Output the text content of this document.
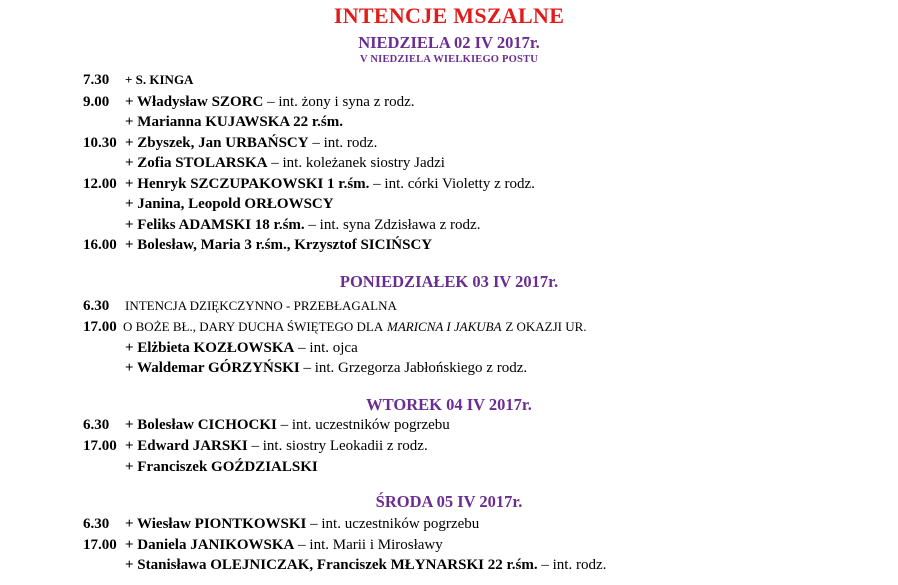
INTENCJE MSZALNE
NIEDZIELA 02 IV 2017r.
V NIEDZIELA WIELKIEGO POSTU
7.30 + S. KINGA
9.00 + Władysław SZORC – int. żony i syna z rodz.
+ Marianna KUJAWSKA 22 r.śm.
10.30 + Zbyszek, Jan URBAŃSCY – int. rodz.
+ Zofia STOLARSKA – int. koleżanek siostry Jadzi
12.00 + Henryk SZCZUPAKOWSKI 1 r.śm. – int. córki Violetty z rodz.
+ Janina, Leopold ORŁOWSCY
+ Feliks ADAMSKI 18 r.śm. – int. syna Zdzisława z rodz.
16.00 + Bolesław, Maria 3 r.śm., Krzysztof SICIŃSCY
PONIEDZIAŁEK 03 IV 2017r.
6.30 INTENCJA DZIĘKCZYNNO - PRZEBŁAGALNA
17.00 O BOŻE BŁ., DARY DUCHA ŚWIĘTEGO DLA MARICNA I JAKUBA Z OKAZJI UR.
+ Elżbieta KOZŁOWSKA – int. ojca
+ Waldemar GÓRZYŃSKI – int. Grzegorza Jabłońskiego z rodz.
WTOREK 04 IV 2017r.
6.30 + Bolesław CICHOCKI – int. uczestników pogrzebu
17.00 + Edward JARSKI – int. siostry Leokadii z rodz.
+ Franciszek GOŹDZIALSKI
ŚRODA 05 IV 2017r.
6.30 + Wiesław PIONTKOWSKI – int. uczestników pogrzebu
17.00 + Daniela JANIKOWSKA – int. Marii i Mirosławy
+ Stanisława OLEJNICZAK, Franciszek MŁYNARSKI 22 r.śm. – int. rodz.
